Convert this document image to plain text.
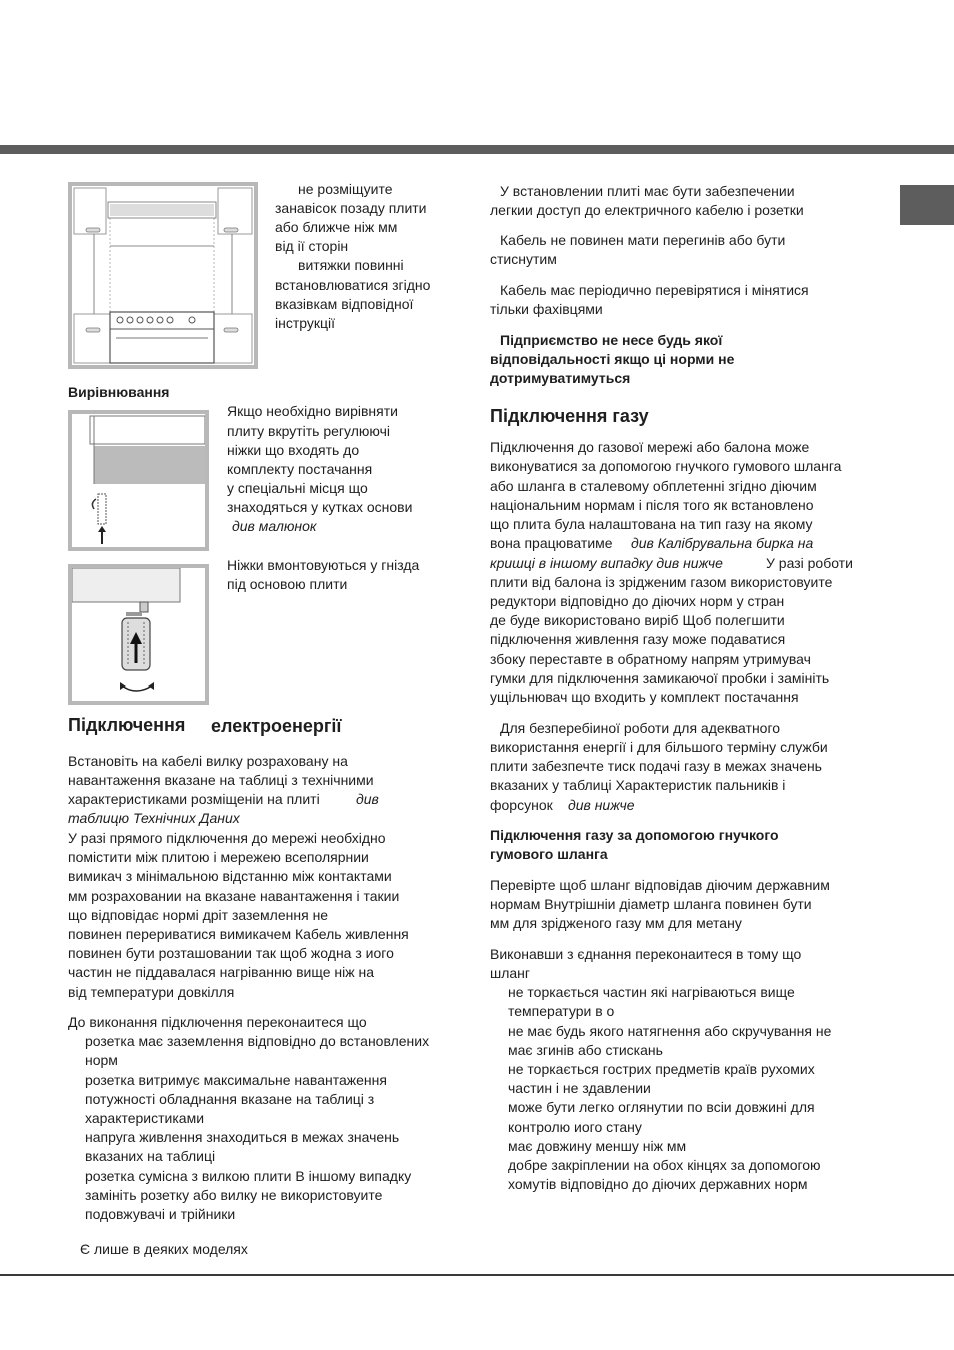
не розміщуите
занавісок позаду плити
або ближче ніж мм
від ії сторін
витяжки повинні
встановлюватися згідно
вказівкам відповідної
інструкції
Вирівнювання
Якщо необхідно вирівняти
плиту вкрутіть регулюючі
ніжки що входять до
комплекту постачання
у спеціальні місця що
знаходяться у кутках основи
див малюнок
Ніжки вмонтовуються у гнізда
під основою плити
Підключення електроенергії
Встановіть на кабелі вилку розраховану на
навантаження вказане на таблиці з технічними
характеристиками розміщеніи на плиті	див
таблицю Технічних Даних
У разі прямого підключення до мережі необхідно
помістити між плитою і мережею всеполярнии
вимикач з мінімальною відстанню між контактами
мм розраховании на вказане навантаження і такии
що відповідає нормі дріт заземлення не
повинен перериватися вимикачем Кабель живлення
повинен бути розташовании так щоб жодна з иого
частин не піддавалася нагріванню вище ніж на
від температури довкілля
До виконання підключення переконаитеся що
розетка має заземлення відповідно до встановлених
норм
розетка витримує максимальне навантаження
потужності обладнання вказане на таблиці з
характеристиками
напруга живлення знаходиться в межах значень
вказаних на таблиці
розетка сумісна з вилкою плити В іншому випадку
замініть розетку або вилку не використовуите
подовжувачі и трійники
Є лише в деяких моделях
У встановлении плиті має бути забезпечении
легкии доступ до електричного кабелю і розетки
Кабель не повинен мати перегинів або бути
стиснутим
Кабель має періодично перевірятися і мінятися
тільки фахівцями
Підприємство не несе будь якої
відповідальності якщо ці норми не
дотримуватимуться
Підключення газу
Підключення до газової мережі або балона може
виконуватися за допомогою гнучкого гумового шланга
або шланга в сталевому обплетенні згідно діючим
національним нормам і після того як встановлено
що плита була налаштована на тип газу на якому
вона працюватиме див Калібрувальна бирка на
кришці в іншому випадку див нижче	У разі роботи
плити від балона із зрідженим газом використовуите
редуктори відповідно до діючих норм у стран
де буде використовано виріб Щоб полегшити
підключення живлення газу може подаватися
збоку переставте в обратному напрям утримувач
гумки для підключення замикаючої пробки і замініть
ущільнювач що входить у комплект постачання
Для безперебіиної роботи для адекватного
використання енергії і для більшого терміну служби
плити забезпечте тиск подачі газу в межах значень
вказаних у таблиці Характеристик пальників і
форсунок див нижче
Підключення газу за допомогою гнучкого
гумового шланга
Перевірте щоб шланг відповідав діючим державним
нормам Внутрішніи діаметр шланга повинен бути
мм для зрідженого газу мм для метану
Виконавши з єднання переконаитеся в тому що
шланг
не торкається частин які нагріваються вище
температури в о
не має будь якого натягнення або скручування не
має згинів або стискань
не торкається гострих предметів країв рухомих
частин і не здавлении
може бути легко оглянутии по всіи довжині для
контролю иого стану
має довжину меншу ніж мм
добре закріплении на обох кінцях за допомогою
хомутів відповідно до діючих державних норм
